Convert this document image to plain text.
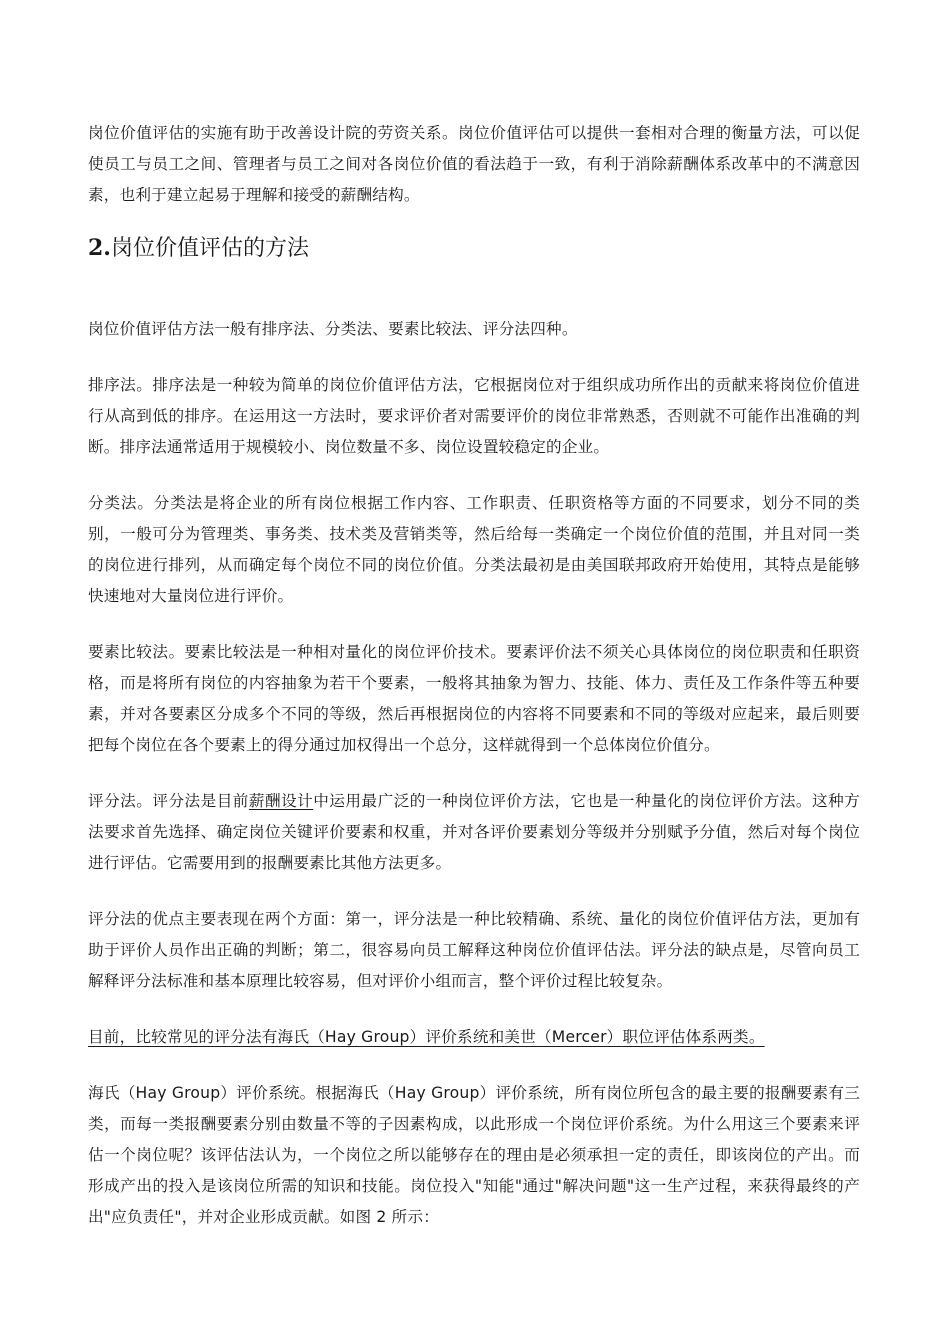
岗位价值评估的实施有助于改善设计院的劳资关系。岗位价值评估可以提供一套相对合理的衡量方法，可以促使员工与员工之间、管理者与员工之间对各岗位价值的看法趋于一致，有利于消除薪酬体系改革中的不满意因素，也利于建立起易于理解和接受的薪酬结构。

2.岗位价值评估的方法

岗位价值评估方法一般有排序法、分类法、要素比较法、评分法四种。

排序法。排序法是一种较为简单的岗位价值评估方法，它根据岗位对于组织成功所作出的贡献来将岗位价值进行从高到低的排序。在运用这一方法时，要求评价者对需要评价的岗位非常熟悉，否则就不可能作出准确的判断。排序法通常适用于规模较小、岗位数量不多、岗位设置较稳定的企业。

分类法。分类法是将企业的所有岗位根据工作内容、工作职责、任职资格等方面的不同要求，划分不同的类别，一般可分为管理类、事务类、技术类及营销类等，然后给每一类确定一个岗位价值的范围，并且对同一类的岗位进行排列，从而确定每个岗位不同的岗位价值。分类法最初是由美国联邦政府开始使用，其特点是能够快速地对大量岗位进行评价。

要素比较法。要素比较法是一种相对量化的岗位评价技术。要素评价法不须关心具体岗位的岗位职责和任职资格，而是将所有岗位的内容抽象为若干个要素，一般将其抽象为智力、技能、体力、责任及工作条件等五种要素，并对各要素区分成多个不同的等级，然后再根据岗位的内容将不同要素和不同的等级对应起来，最后则要把每个岗位在各个要素上的得分通过加权得出一个总分，这样就得到一个总体岗位价值分。

评分法。评分法是目前薪酬设计中运用最广泛的一种岗位评价方法，它也是一种量化的岗位评价方法。这种方法要求首先选择、确定岗位关键评价要素和权重，并对各评价要素划分等级并分别赋予分值，然后对每个岗位进行评估。它需要用到的报酬要素比其他方法更多。

评分法的优点主要表现在两个方面：第一，评分法是一种比较精确、系统、量化的岗位价值评估方法，更加有助于评价人员作出正确的判断；第二，很容易向员工解释这种岗位价值评估法。评分法的缺点是，尽管向员工解释评分法标准和基本原理比较容易，但对评价小组而言，整个评价过程比较复杂。

目前，比较常见的评分法有海氏（Hay Group）评价系统和美世（Mercer）职位评估体系两类。

海氏（Hay Group）评价系统。根据海氏（Hay Group）评价系统，所有岗位所包含的最主要的报酬要素有三类，而每一类报酬要素分别由数量不等的子因素构成，以此形成一个岗位评价系统。为什么用这三个要素来评估一个岗位呢？该评估法认为，一个岗位之所以能够存在的理由是必须承担一定的责任，即该岗位的产出。而形成产出的投入是该岗位所需的知识和技能。岗位投入"知能"通过"解决问题"这一生产过程，来获得最终的产出"应负责任"，并对企业形成贡献。如图 2 所示：
